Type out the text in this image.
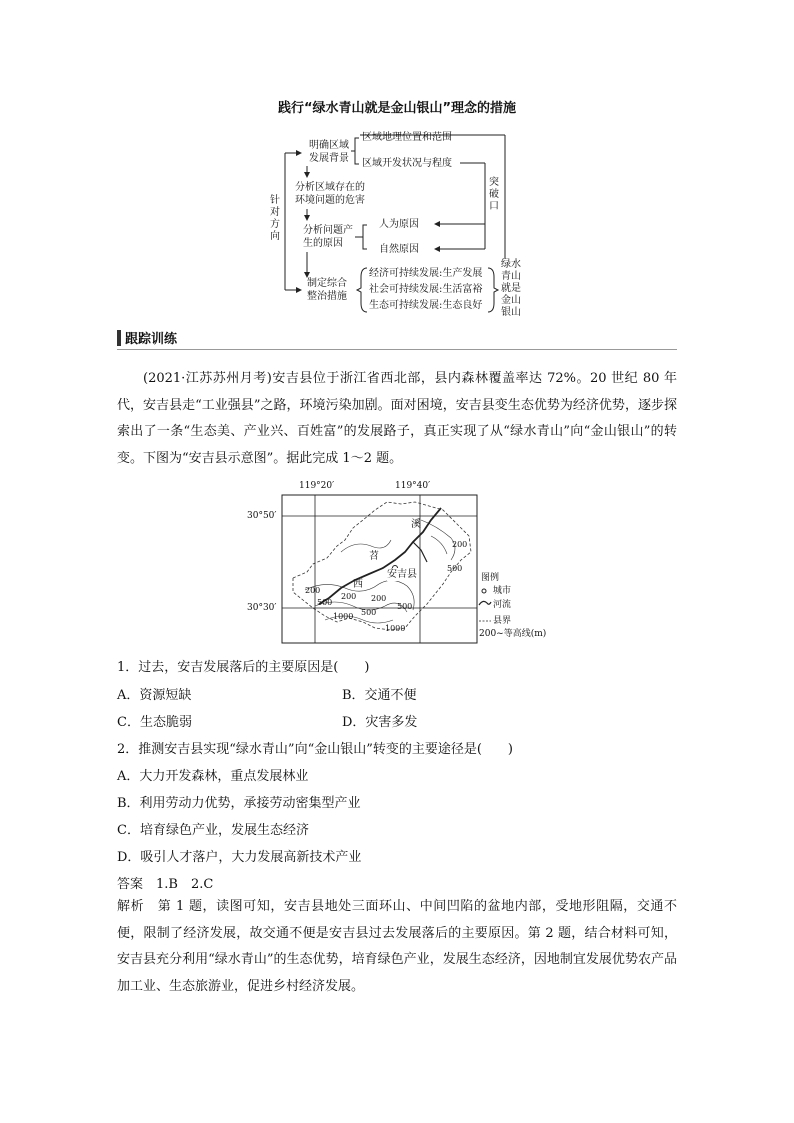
践行“绿水青山就是金山银山”理念的措施
针
对
方
向
明确区域
发展背景
分析区域存在的
环境问题的危害
分析问题产
生的原因
制定综合
整治措施
区域地理位置和范围
区域开发状况与程度
人为原因
自然原因
突
破
口
经济可持续发展:生产发展
社会可持续发展:生活富裕
生态可持续发展:生态良好
绿水
青山
就是
金山
银山
跟踪训练

(2021·江苏苏州月考)安吉县位于浙江省西北部，县内森林覆盖率达 72%。20 世纪 80 年代，安吉县走“工业强县”之路，环境污染加剧。面对困境，安吉县变生态优势为经济优势，逐步探索出了一条“生态美、产业兴、百姓富”的发展路子，真正实现了从“绿水青山”向“金山银山”的转变。下图为“安吉县示意图”。据此完成 1～2 题。

119°20′	119°40′
30°50′
30°30′
溪
苕
西
安吉县
200
500
200 200
500
1000
200
500
1000
500
图例
城市
河流
县界
200~等高线(m)
1．过去，安吉发展落后的主要原因是(　　)
A．资源短缺	B．交通不便
C．生态脆弱	D．灾害多发
2．推测安吉县实现“绿水青山”向“金山银山”转变的主要途径是(　　)
A．大力开发森林，重点发展林业
B．利用劳动力优势，承接劳动密集型产业
C．培育绿色产业，发展生态经济
D．吸引人才落户，大力发展高新技术产业
答案　1.B　2.C

解析　第 1 题，读图可知，安吉县地处三面环山、中间凹陷的盆地内部，受地形阻隔，交通不便，限制了经济发展，故交通不便是安吉县过去发展落后的主要原因。第 2 题，结合材料可知，安吉县充分利用“绿水青山”的生态优势，培育绿色产业，发展生态经济，因地制宜发展优势农产品加工业、生态旅游业，促进乡村经济发展。
